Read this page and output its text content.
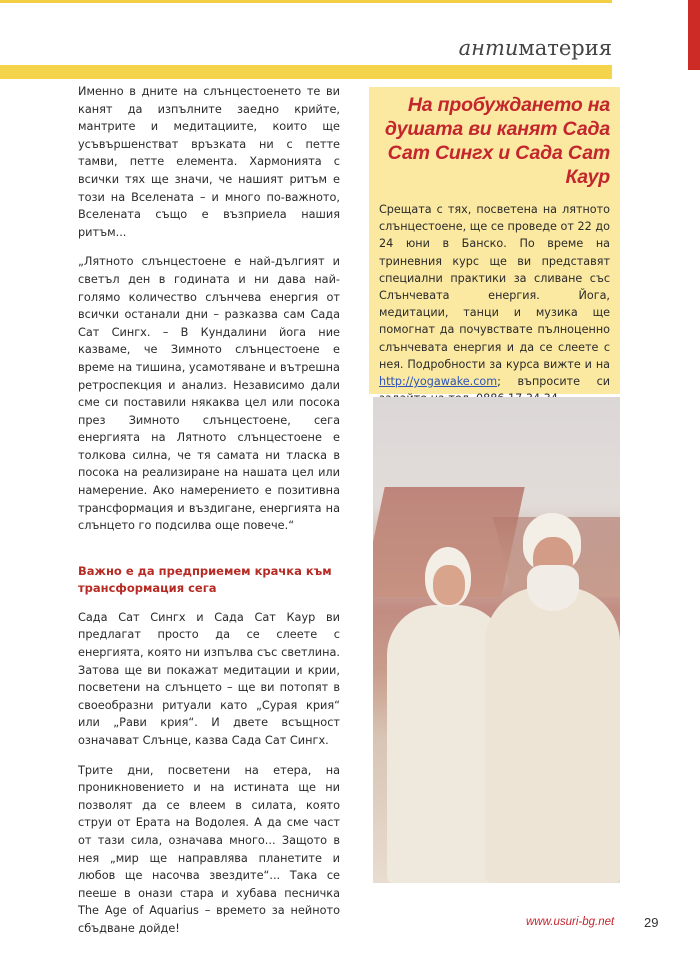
антиматерия

Именно в дните на слънцестоенето те ви канят да изпълните заедно крийте, мантрите и медитациите, които ще усъвършенстват връзката ни с петте тамви, петте елемента. Хармонията с всички тях ще значи, че нашият ритъм е този на Вселената – и много по-важното, Вселената също е възприела нашия ритъм...

„Лятното слънцестоене е най-дългият и светъл ден в годината и ни дава най-голямо количество слънчева енергия от всички останали дни – разказва сам Сада Сат Сингх. – В Кундалини йога ние казваме, че Зимното слънцестоене е време на тишина, усамотяване и вътрешна ретроспекция и анализ. Независимо дали сме си поставили някаква цел или посока през Зимното слънцестоене, сега енергията на Лятното слънцестоене е толкова силна, че тя самата ни тласка в посока на реализиране на нашата цел или намерение. Ако намерението е позитивна трансформация и въздигане, енергията на слънцето го подсилва още повече.“

Важно е да предприемем крачка към трансформация сега

Сада Сат Сингх и Сада Сат Каур ви предлагат просто да се слеете с енергията, която ни изпълва със светлина. Затова ще ви покажат медитации и крии, посветени на слънцето – ще ви потопят в своеобразни ритуали като „Сурая крия“ или „Рави крия“. И двете всъщност означават Слънце, казва Сада Сат Сингх.

Трите дни, посветени на етера, на проникновението и на истината ще ни позволят да се влеем в силата, която струи от Ерата на Водолея. А да сме част от тази сила, означава много... Защото в нея „мир ще направлява планетите и любов ще насочва звездите“... Така се пееше в онази стара и хубава песничка The Age of Aquarius – времето за нейното сбъдване дойде!

На пробуждането на душата ви канят Сада Сат Сингх и Сада Сат Каур

Срещата с тях, посветена на лятното слънцестоене, ще се проведе от 22 до 24 юни в Банско. По време на триневния курс ще ви представят специални практики за сливане със Слънчевата енергия. Йога, медитации, танци и музика ще помогнат да почувствате пълноценно слънчевата енергия и да се слеете с нея. Подробности за курса вижте и на http://yogawake.com; въпросите си

www.usuri-bg.net 29
